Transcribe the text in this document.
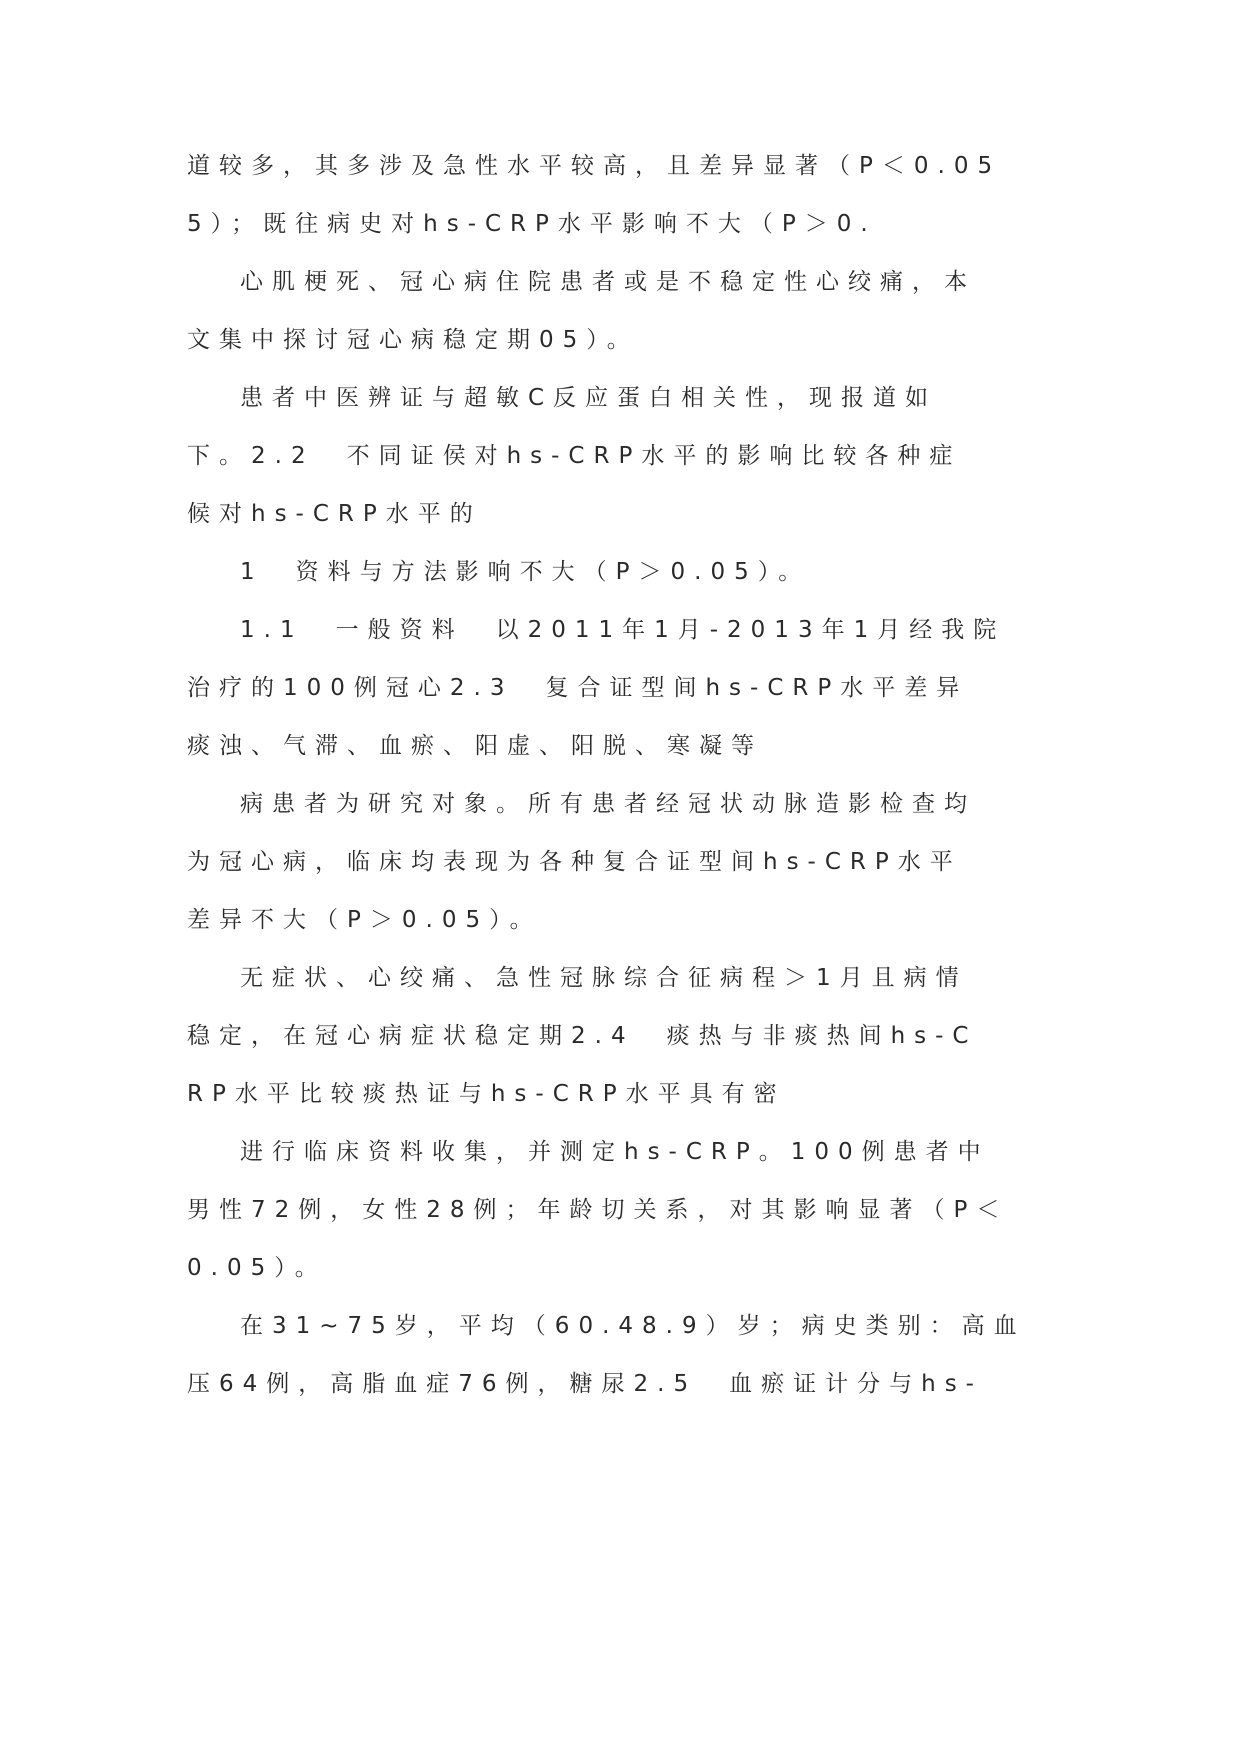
道较多，其多涉及急性水平较高，且差异显著（P＜0.05
5）；既往病史对hs-CRP水平影响不大（P＞0.
心肌梗死、冠心病住院患者或是不稳定性心绞痛，本
文集中探讨冠心病稳定期05）。
患者中医辨证与超敏C反应蛋白相关性，现报道如
下。2.2　不同证侯对hs-CRP水平的影响比较各种症
候对hs-CRP水平的
1　资料与方法影响不大（P＞0.05）。
1.1　一般资料　以2011年1月-2013年1月经我院
治疗的100例冠心2.3　复合证型间hs-CRP水平差异
痰浊、气滞、血瘀、阳虚、阳脱、寒凝等
病患者为研究对象。所有患者经冠状动脉造影检查均
为冠心病，临床均表现为各种复合证型间hs-CRP水平
差异不大（P＞0.05）。
无症状、心绞痛、急性冠脉综合征病程＞1月且病情
稳定，在冠心病症状稳定期2.4　痰热与非痰热间hs-C
RP水平比较痰热证与hs-CRP水平具有密
进行临床资料收集，并测定hs-CRP。100例患者中
男性72例，女性28例；年龄切关系，对其影响显著（P＜
0.05）。
在31~75岁，平均（60.48.9）岁；病史类别：高血
压64例，高脂血症76例，糖尿2.5　血瘀证计分与hs-
